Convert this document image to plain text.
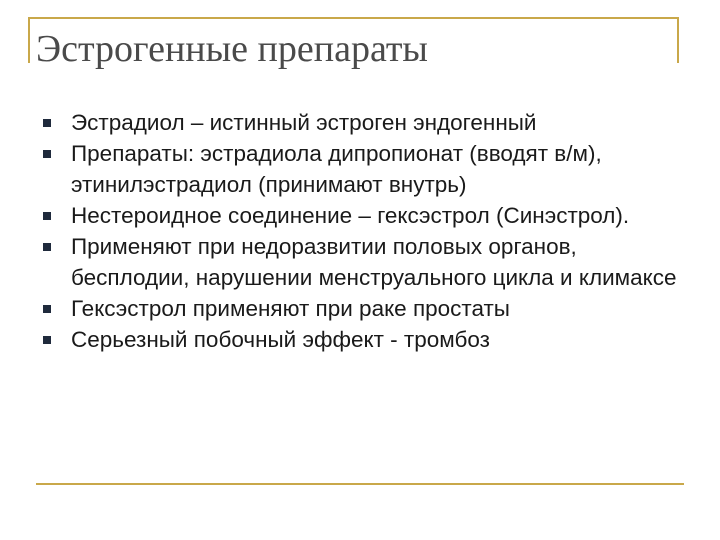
Эстрогенные препараты
Эстрадиол – истинный эстроген эндогенный
Препараты: эстрадиола дипропионат (вводят в/м), этинилэстрадиол (принимают внутрь)
Нестероидное соединение – гексэстрол (Синэстрол).
Применяют при недоразвитии половых органов, бесплодии, нарушении менструального цикла и климаксе
Гексэстрол применяют при раке простаты
Серьезный побочный эффект - тромбоз
